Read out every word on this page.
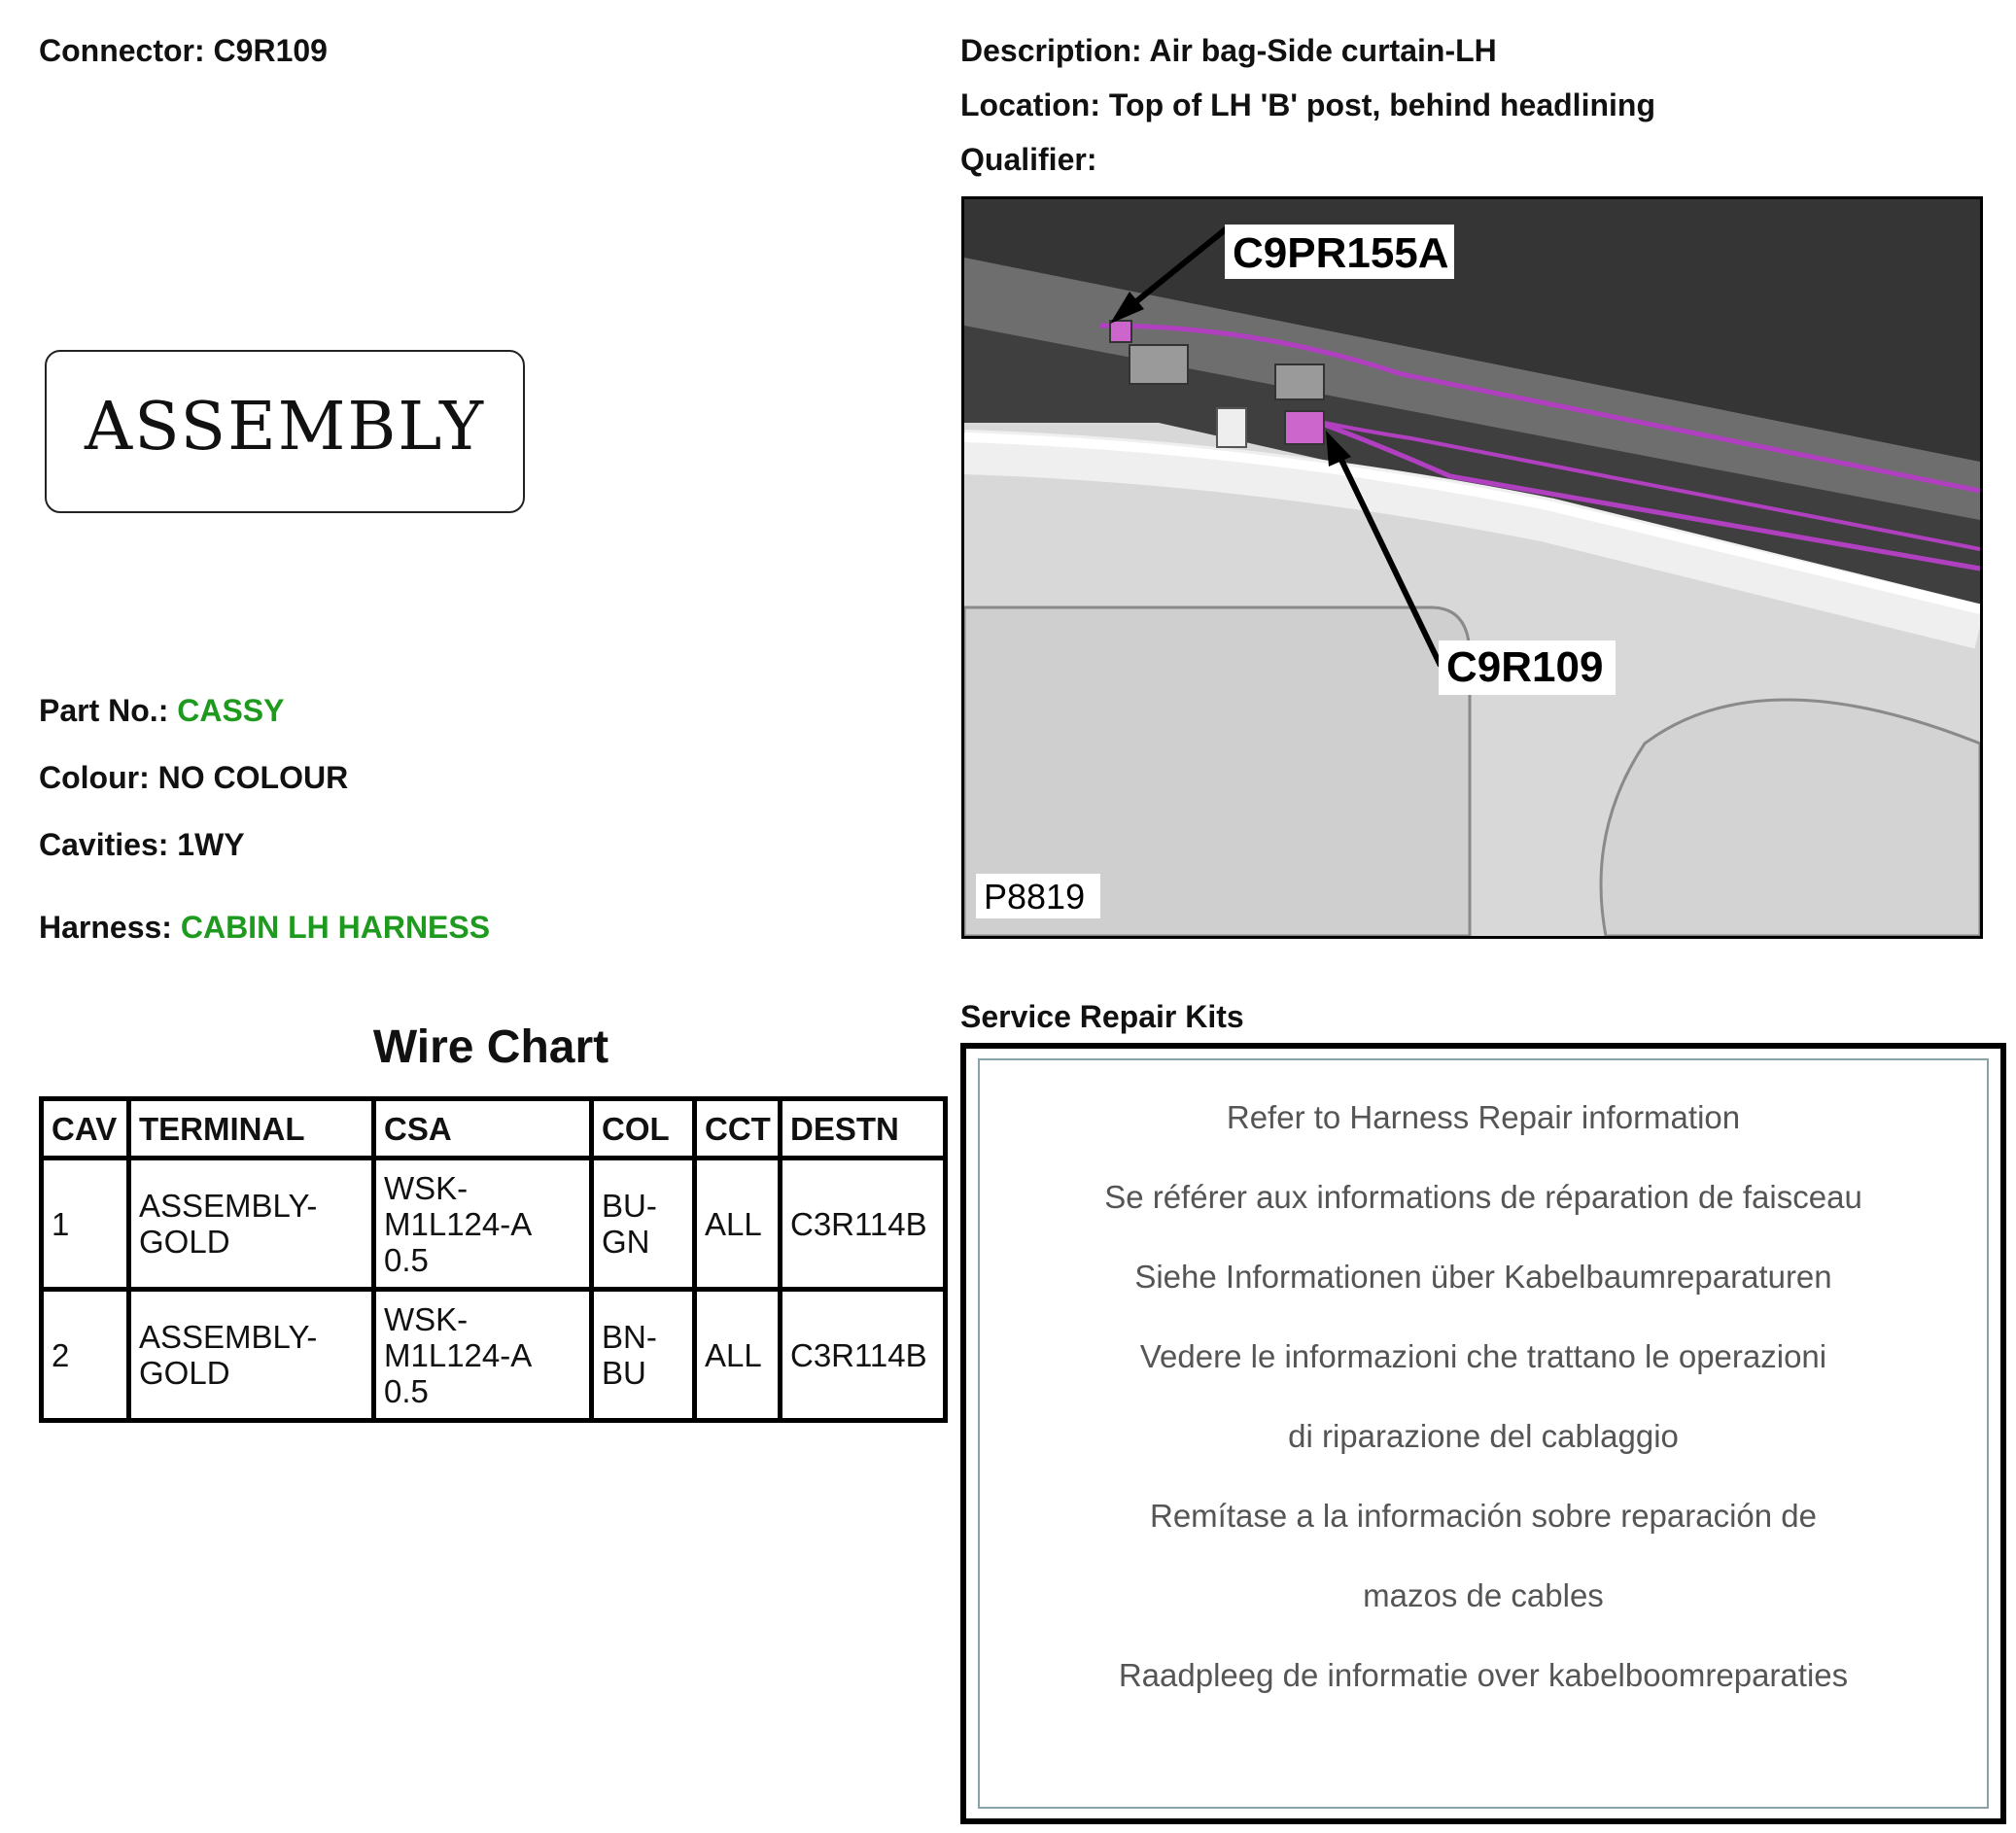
Connector: C9R109	Description: Air bag-Side curtain-LH
Location: Top of LH 'B' post, behind headlining
Qualifier:
ASSEMBLY
Part No.: CASSY
Colour: NO COLOUR
Cavities: 1WY
Harness: CABIN LH HARNESS
Wire Chart
CAV	TERMINAL	CSA	COL	CCT	DESTN
1	ASSEMBLY-GOLD	WSK-M1L124-A 0.5	BU-GN	ALL	C3R114B
2	ASSEMBLY-GOLD	WSK-M1L124-A 0.5	BN-BU	ALL	C3R114B
C9PR155A
C9R109
P8819
Service Repair Kits
Refer to Harness Repair information
Se référer aux informations de réparation de faisceau
Siehe Informationen über Kabelbaumreparaturen
Vedere le informazioni che trattano le operazioni
di riparazione del cablaggio
Remítase a la información sobre reparación de
mazos de cables
Raadpleeg de informatie over kabelboomreparaties
